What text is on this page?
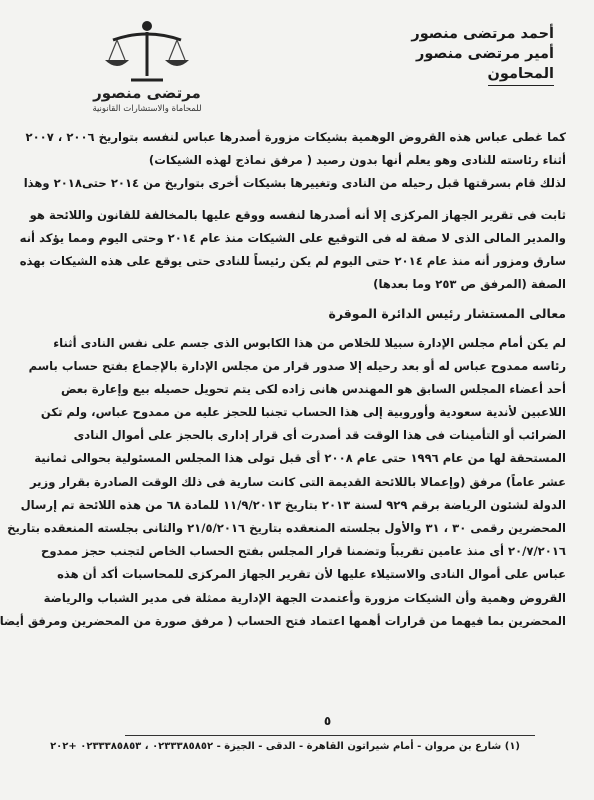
أحمد مرتضى منصور
أمير مرتضى منصور
المحامون
مرتضى منصور
للمحاماة والاستشارات القانونية
كما غطى عباس هذه القروض الوهمية بشيكات مزورة أصدرها عباس لنفسه بتواريخ ٢٠٠٦ ، ٢٠٠٧
أثناء رئاسته للنادى وهو يعلم أنها بدون رصيد ( مرفق نماذج لهذه الشيكات)
لذلك قام بسرقتها قبل رحيله من النادى وتغييرها بشيكات أخرى بتواريخ من ٢٠١٤ حتى٢٠١٨ وهذا
ثابت فى تقرير الجهاز المركزى إلا أنه أصدرها لنفسه ووقع عليها بالمخالفة للقانون واللائحة هو
والمدير المالى الذى لا صفة له فى التوقيع على الشيكات منذ عام ٢٠١٤ وحتى اليوم ومما يؤكد أنه
سارق ومزور أنه منذ عام ٢٠١٤ حتى اليوم لم يكن رئيساً للنادى حتى يوقع على هذه الشيكات بهذه
الصفة (المرفق ص ٢٥٣ وما بعدها)
معالى المستشار رئيس الدائرة الموقرة
لم يكن أمام مجلس الإدارة سبيلا للخلاص من هذا الكابوس الذى جسم على نفس النادى أثناء
رئاسه ممدوح عباس له أو بعد رحيله إلا صدور قرار من مجلس الإدارة بالإجماع بفتح حساب باسم
أحد أعضاء المجلس السابق هو المهندس هانى زاده لكى يتم تحويل حصيله بيع وإعارة بعض
اللاعبين لأندية سعودية وأوروبية إلى هذا الحساب تجنبا للحجز عليه من ممدوح عباس، ولم تكن
الضرائب أو التأمينات فى هذا الوقت قد أصدرت أى قرار إدارى بالحجز على أموال النادى
المستحقة لها من عام ١٩٩٦ حتى عام ٢٠٠٨ أى قبل تولى هذا المجلس المسئولية بحوالى ثمانية
عشر عاماً) مرفق (وإعمالا باللائحة القديمة التى كانت سارية فى ذلك الوقت الصادرة بقرار وزير
الدولة لشئون الرياضة برقم ٩٢٩ لسنة ٢٠١٣ بتاريخ ١١/٩/٢٠١٣ للمادة ٦٨ من هذه اللائحة تم إرسال
المحضرين رقمى ٣٠ ، ٣١ والأول بجلسته المنعقده بتاريخ ٢١/٥/٢٠١٦ والثانى بجلسته المنعقده بتاريخ
٢٠/٧/٢٠١٦ أى منذ عامين تقريباً وتضمنا قرار المجلس بفتح الحساب الخاص لتجنب حجز ممدوح
عباس على أموال النادى والاستيلاء عليها لأن تقرير الجهاز المركزى للمحاسبات أكد أن هذه
القروض وهمية وأن الشيكات مزورة وأعتمدت الجهة الإدارية ممثلة فى مدير الشباب والرياضة
المحضرين بما فيهما من قرارات أهمها اعتماد فتح الحساب ( مرفق صورة من المحضرين ومرفق أيضا
٥
(١) شارع بن مروان - أمام شيراتون القاهرة - الدقى - الجيزة - ٠٢٣٣٣٨٥٨٥٢ ، ٠٢٣٣٣٨٥٨٥٣ +٢٠٢
